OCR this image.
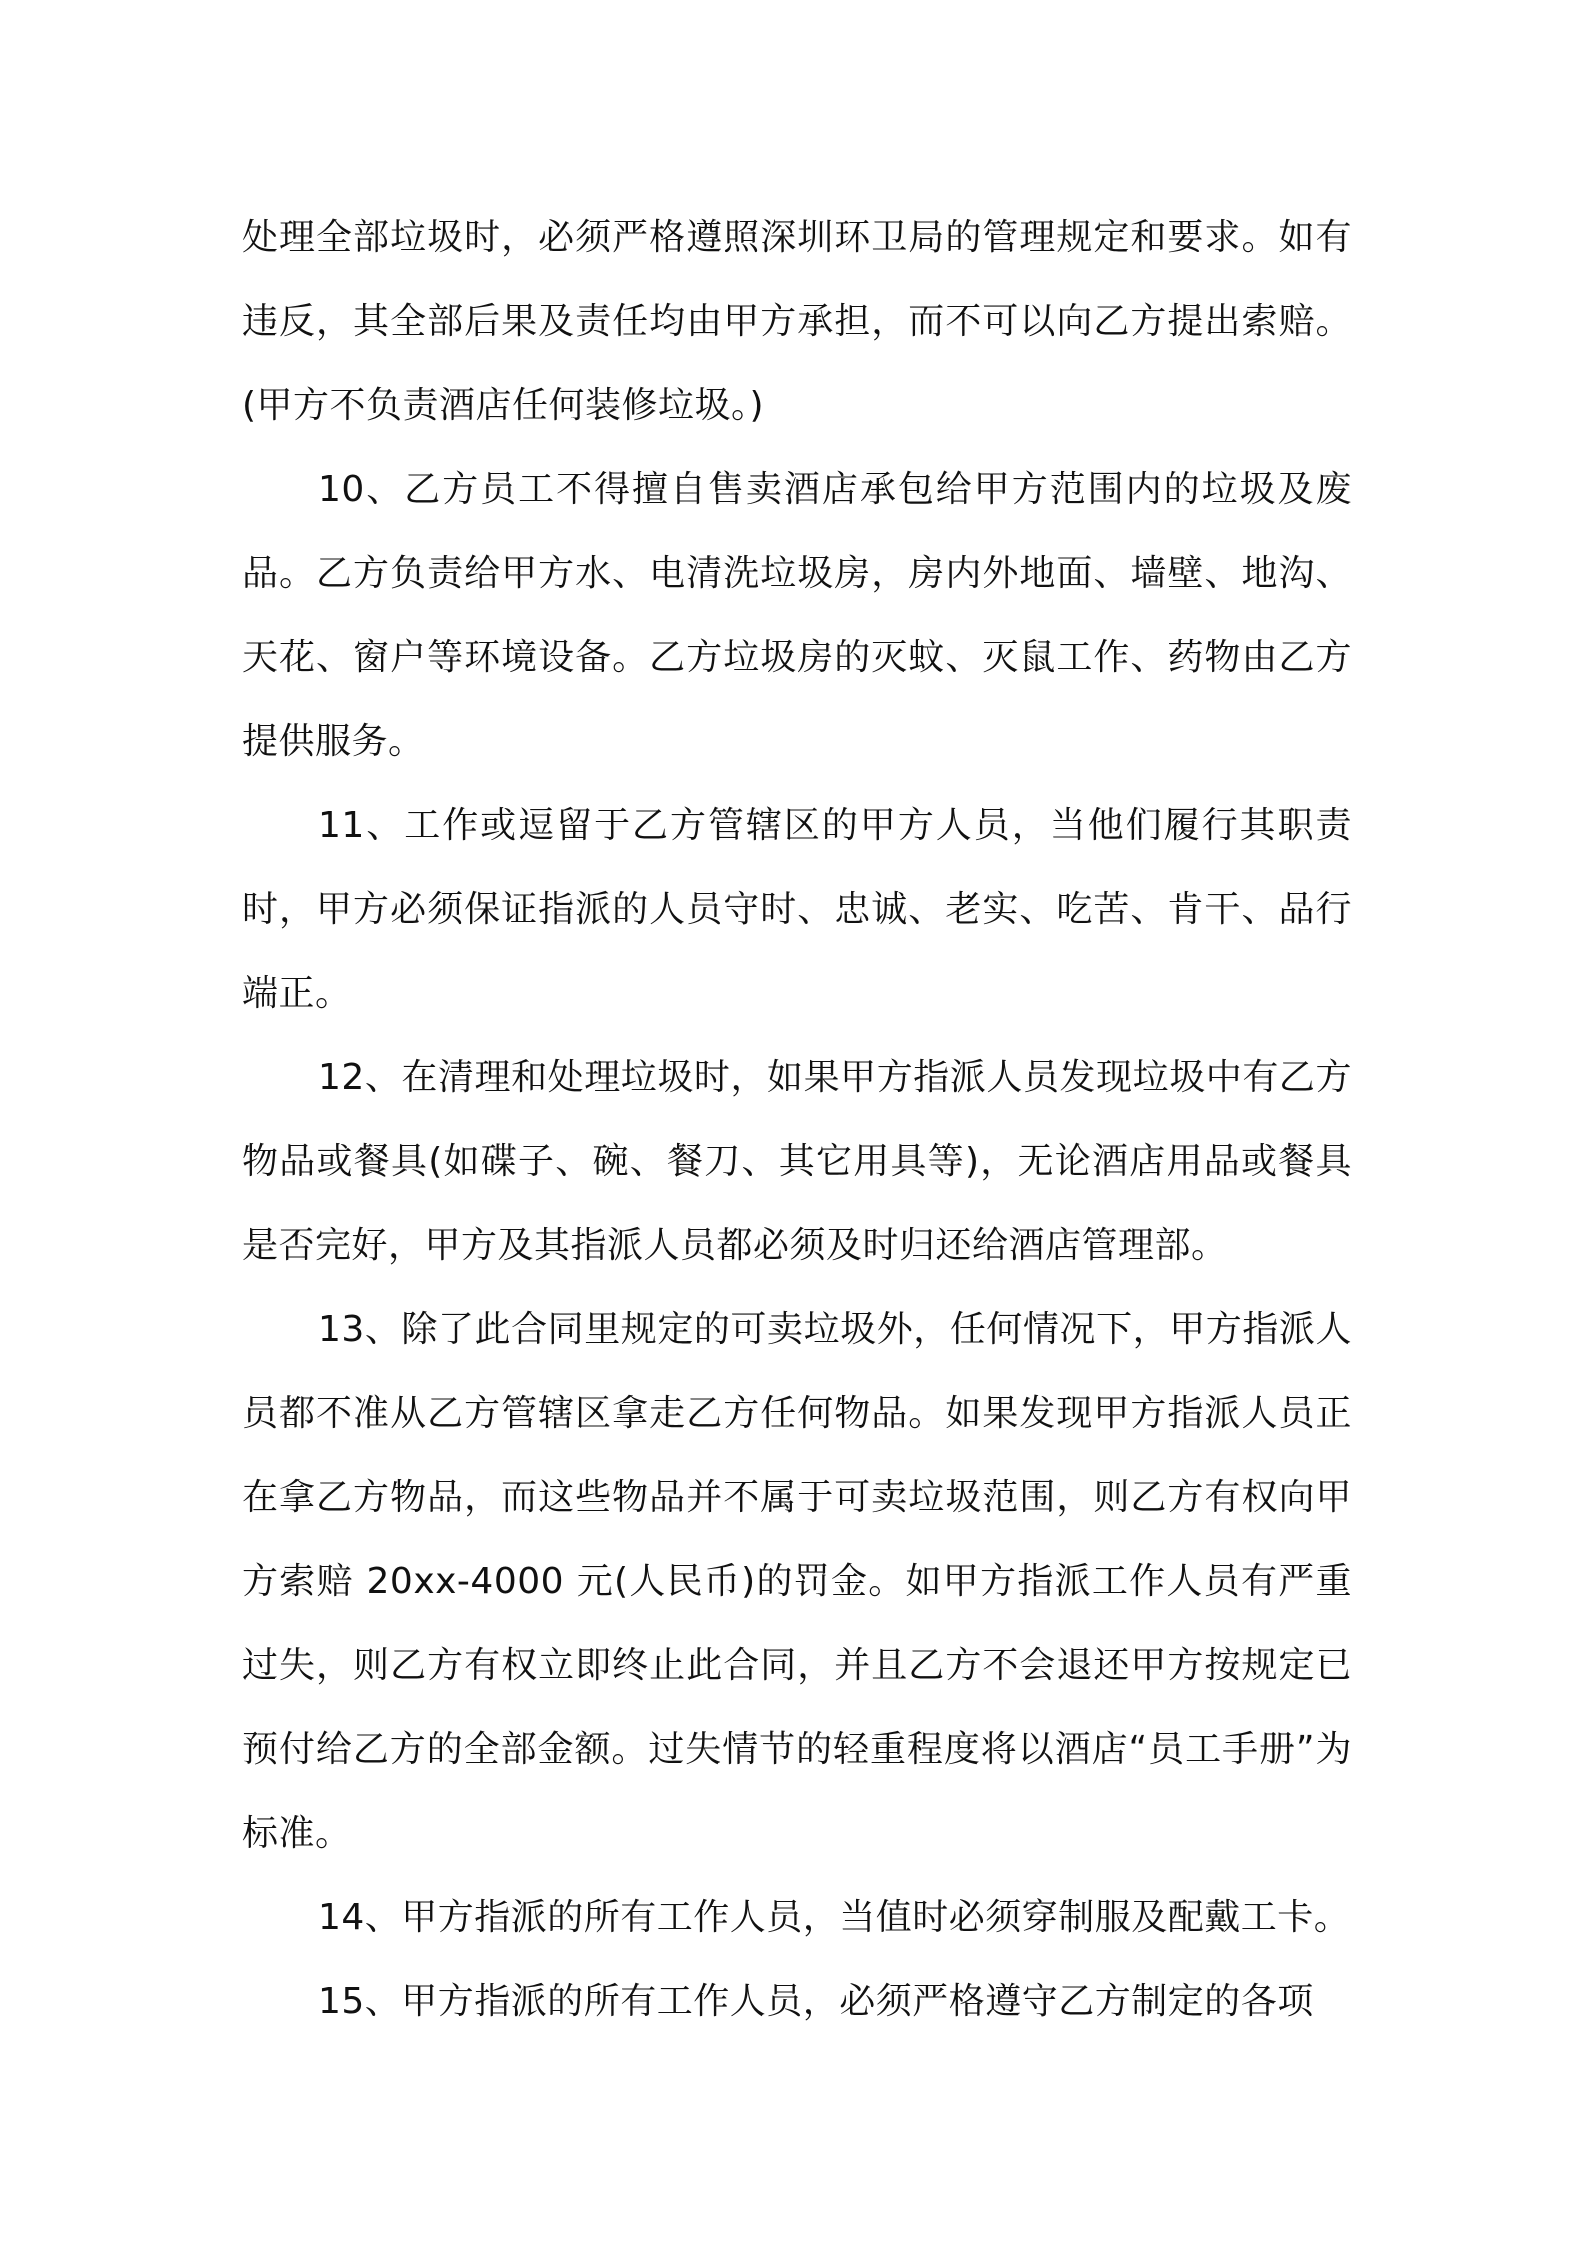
处理全部垃圾时，必须严格遵照深圳环卫局的管理规定和要求。如有违反，其全部后果及责任均由甲方承担，而不可以向乙方提出索赔。(甲方不负责酒店任何装修垃圾。)

10、乙方员工不得擅自售卖酒店承包给甲方范围内的垃圾及废品。乙方负责给甲方水、电清洗垃圾房，房内外地面、墙壁、地沟、天花、窗户等环境设备。乙方垃圾房的灭蚊、灭鼠工作、药物由乙方提供服务。

11、工作或逗留于乙方管辖区的甲方人员，当他们履行其职责时，甲方必须保证指派的人员守时、忠诚、老实、吃苦、肯干、品行端正。

12、在清理和处理垃圾时，如果甲方指派人员发现垃圾中有乙方物品或餐具(如碟子、碗、餐刀、其它用具等)，无论酒店用品或餐具是否完好，甲方及其指派人员都必须及时归还给酒店管理部。

13、除了此合同里规定的可卖垃圾外，任何情况下，甲方指派人员都不准从乙方管辖区拿走乙方任何物品。如果发现甲方指派人员正在拿乙方物品，而这些物品并不属于可卖垃圾范围，则乙方有权向甲方索赔 20xx-4000 元(人民币)的罚金。如甲方指派工作人员有严重过失，则乙方有权立即终止此合同，并且乙方不会退还甲方按规定已预付给乙方的全部金额。过失情节的轻重程度将以酒店“员工手册”为标准。

14、甲方指派的所有工作人员，当值时必须穿制服及配戴工卡。

15、甲方指派的所有工作人员，必须严格遵守乙方制定的各项
